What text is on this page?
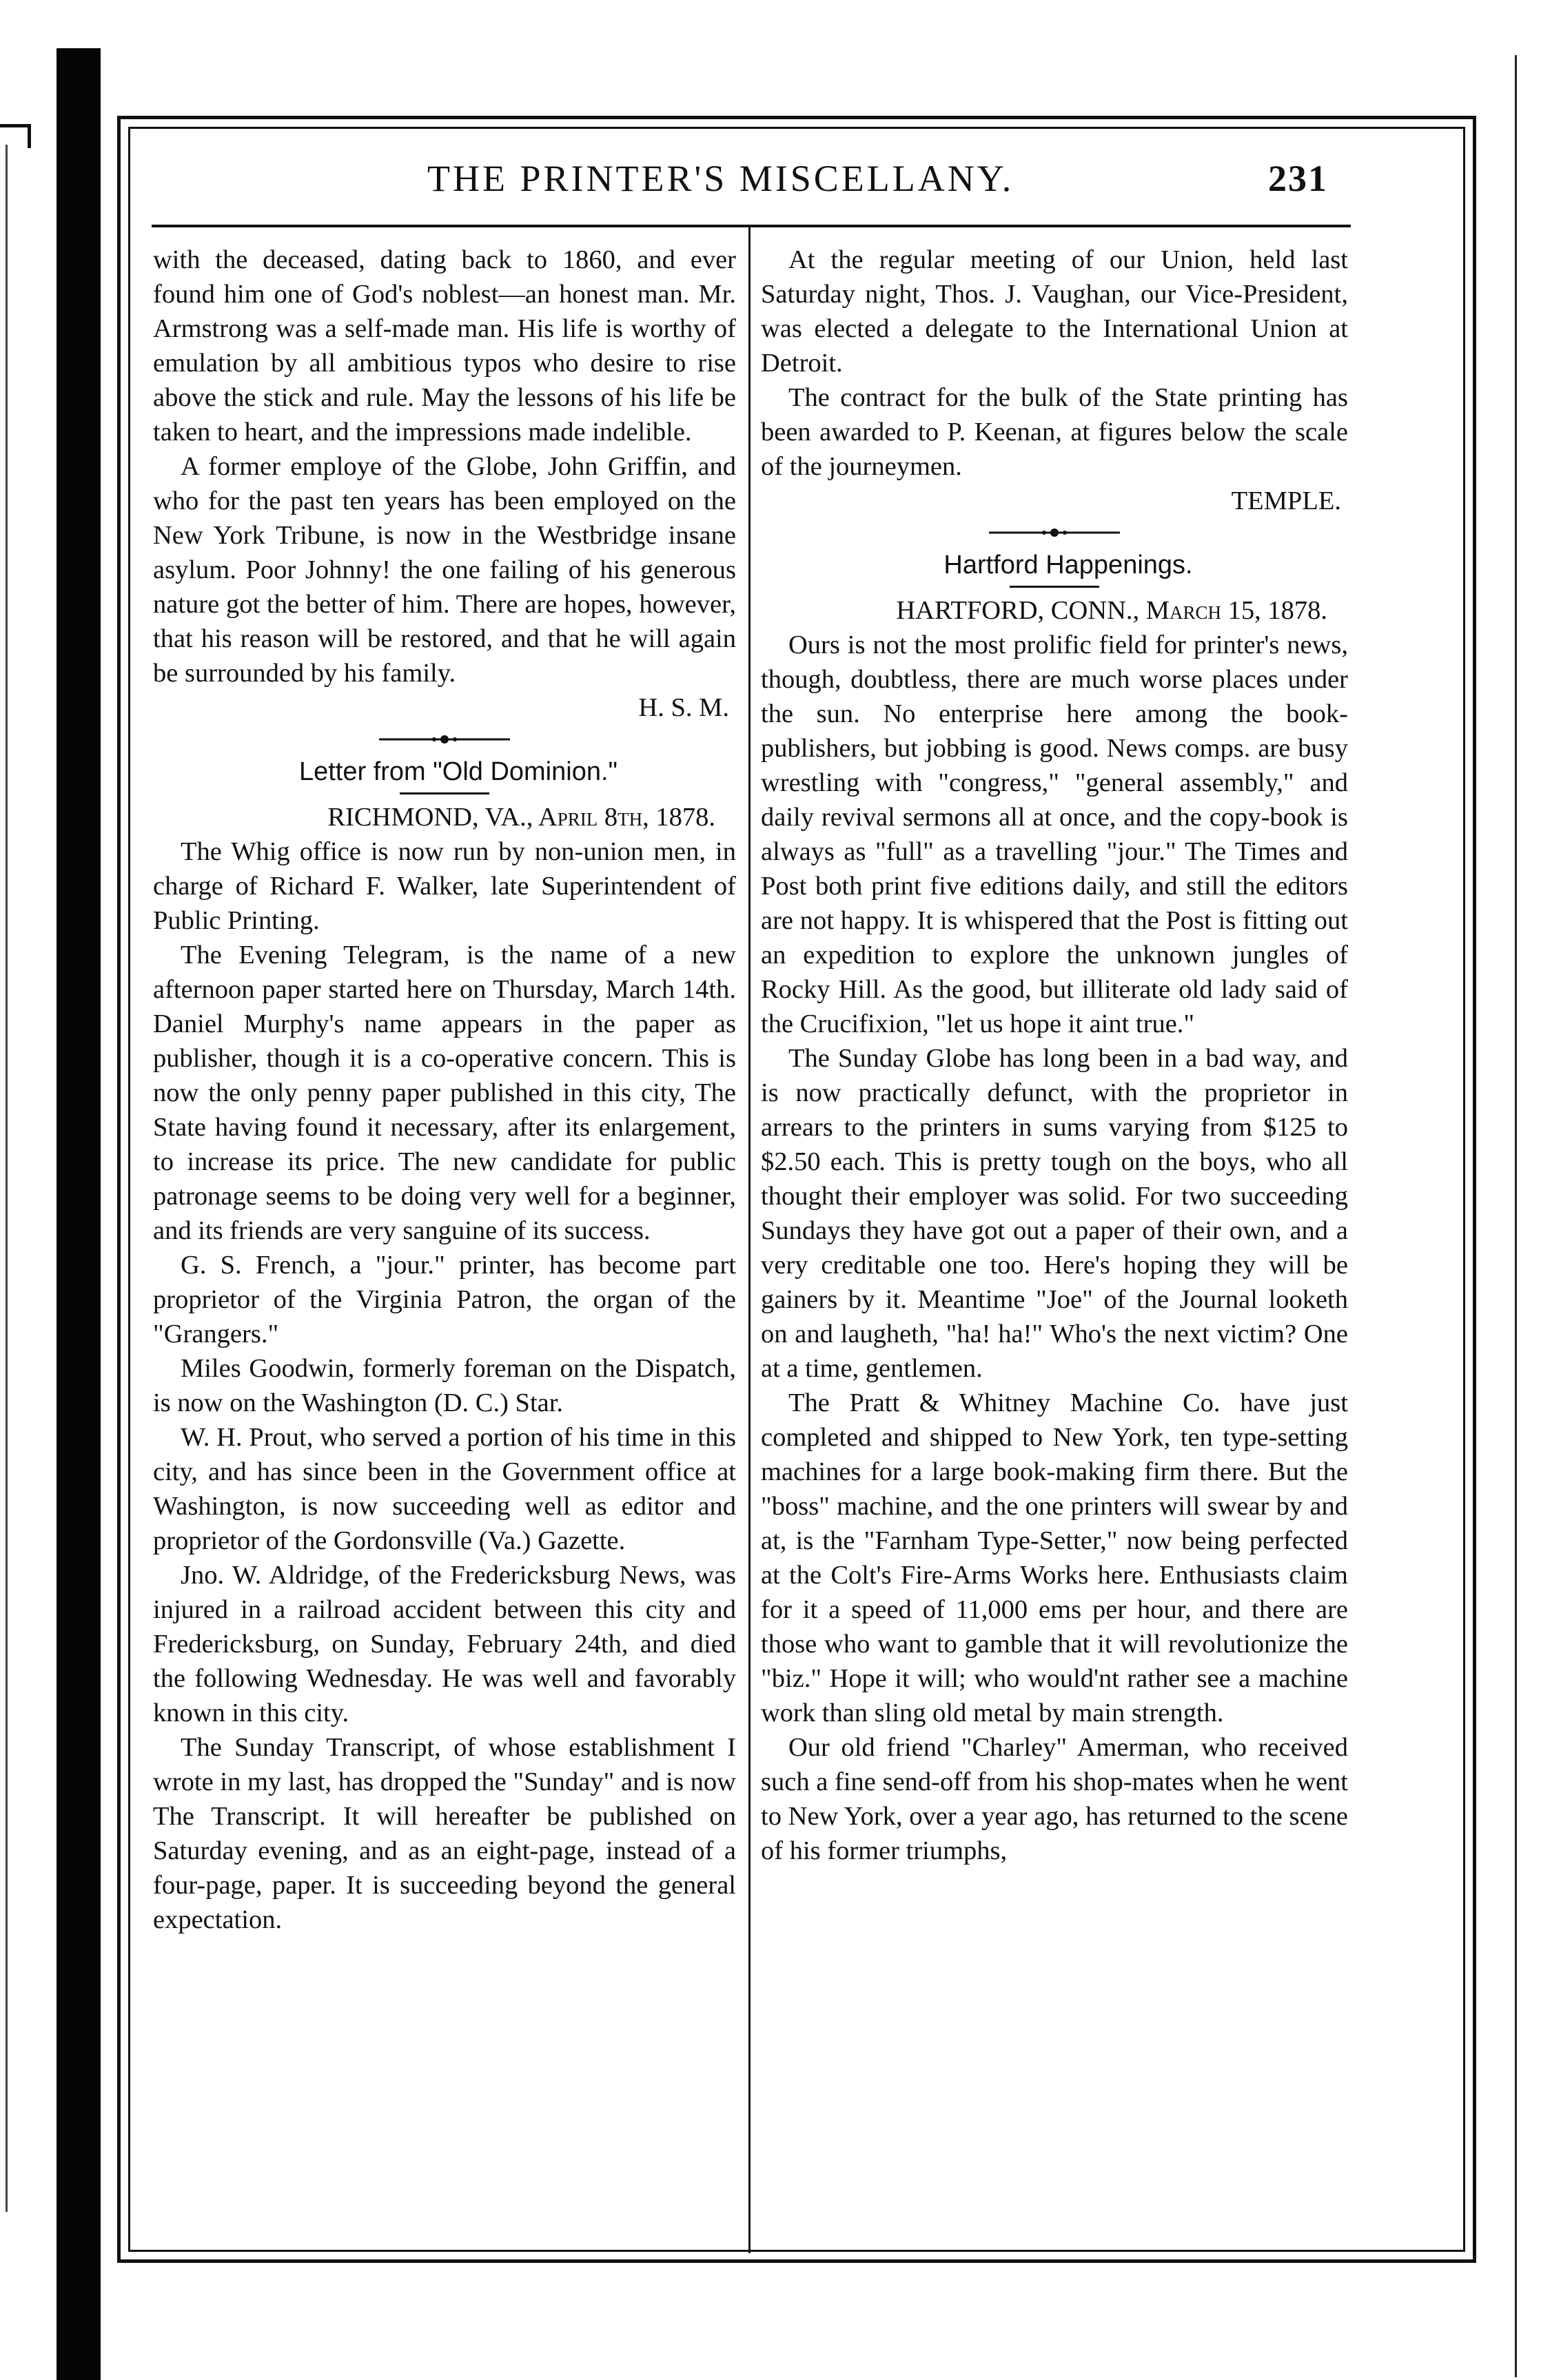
THE PRINTER'S MISCELLANY.	231

with the deceased, dating back to 1860, and ever found him one of God's noblest—an honest man. Mr. Armstrong was a self-made man. His life is worthy of emulation by all ambitious typos who desire to rise above the stick and rule. May the lessons of his life be taken to heart, and the impressions made indelible.

A former employe of the Globe, John Griffin, and who for the past ten years has been employed on the New York Tribune, is now in the Westbridge insane asylum. Poor Johnny! the one failing of his generous nature got the better of him. There are hopes, however, that his reason will be restored, and that he will again be surrounded by his family.

H. S. M.

Letter from "Old Dominion."

RICHMOND, VA., April 8th, 1878.

The Whig office is now run by non-union men, in charge of Richard F. Walker, late Superintendent of Public Printing.

The Evening Telegram, is the name of a new afternoon paper started here on Thursday, March 14th. Daniel Murphy's name appears in the paper as publisher, though it is a co-operative concern. This is now the only penny paper published in this city, The State having found it necessary, after its enlargement, to increase its price. The new candidate for public patronage seems to be doing very well for a beginner, and its friends are very sanguine of its success.

G. S. French, a "jour." printer, has become part proprietor of the Virginia Patron, the organ of the "Grangers."

Miles Goodwin, formerly foreman on the Dispatch, is now on the Washington (D. C.) Star.

W. H. Prout, who served a portion of his time in this city, and has since been in the Government office at Washington, is now succeeding well as editor and proprietor of the Gordonsville (Va.) Gazette.

Jno. W. Aldridge, of the Fredericksburg News, was injured in a railroad accident between this city and Fredericksburg, on Sunday, February 24th, and died the following Wednesday. He was well and favorably known in this city.

The Sunday Transcript, of whose establishment I wrote in my last, has dropped the "Sunday" and is now The Transcript. It will hereafter be published on Saturday evening, and as an eight-page, instead of a four-page, paper. It is succeeding beyond the general expectation.

At the regular meeting of our Union, held last Saturday night, Thos. J. Vaughan, our Vice-President, was elected a delegate to the International Union at Detroit.

The contract for the bulk of the State printing has been awarded to P. Keenan, at figures below the scale of the journeymen.

TEMPLE.

Hartford Happenings.

HARTFORD, CONN., March 15, 1878.

Ours is not the most prolific field for printer's news, though, doubtless, there are much worse places under the sun. No enterprise here among the book-publishers, but jobbing is good. News comps. are busy wrestling with "congress," "general assembly," and daily revival sermons all at once, and the copy-book is always as "full" as a travelling "jour." The Times and Post both print five editions daily, and still the editors are not happy. It is whispered that the Post is fitting out an expedition to explore the unknown jungles of Rocky Hill. As the good, but illiterate old lady said of the Crucifixion, "let us hope it aint true."

The Sunday Globe has long been in a bad way, and is now practically defunct, with the proprietor in arrears to the printers in sums varying from $125 to $2.50 each. This is pretty tough on the boys, who all thought their employer was solid. For two succeeding Sundays they have got out a paper of their own, and a very creditable one too. Here's hoping they will be gainers by it. Meantime "Joe" of the Journal looketh on and laugheth, "ha! ha!" Who's the next victim? One at a time, gentlemen.

The Pratt & Whitney Machine Co. have just completed and shipped to New York, ten type-setting machines for a large book-making firm there. But the "boss" machine, and the one printers will swear by and at, is the "Farnham Type-Setter," now being perfected at the Colt's Fire-Arms Works here. Enthusiasts claim for it a speed of 11,000 ems per hour, and there are those who want to gamble that it will revolutionize the "biz." Hope it will; who would'nt rather see a machine work than sling old metal by main strength.

Our old friend "Charley" Amerman, who received such a fine send-off from his shop-mates when he went to New York, over a year ago, has returned to the scene of his former triumphs,
